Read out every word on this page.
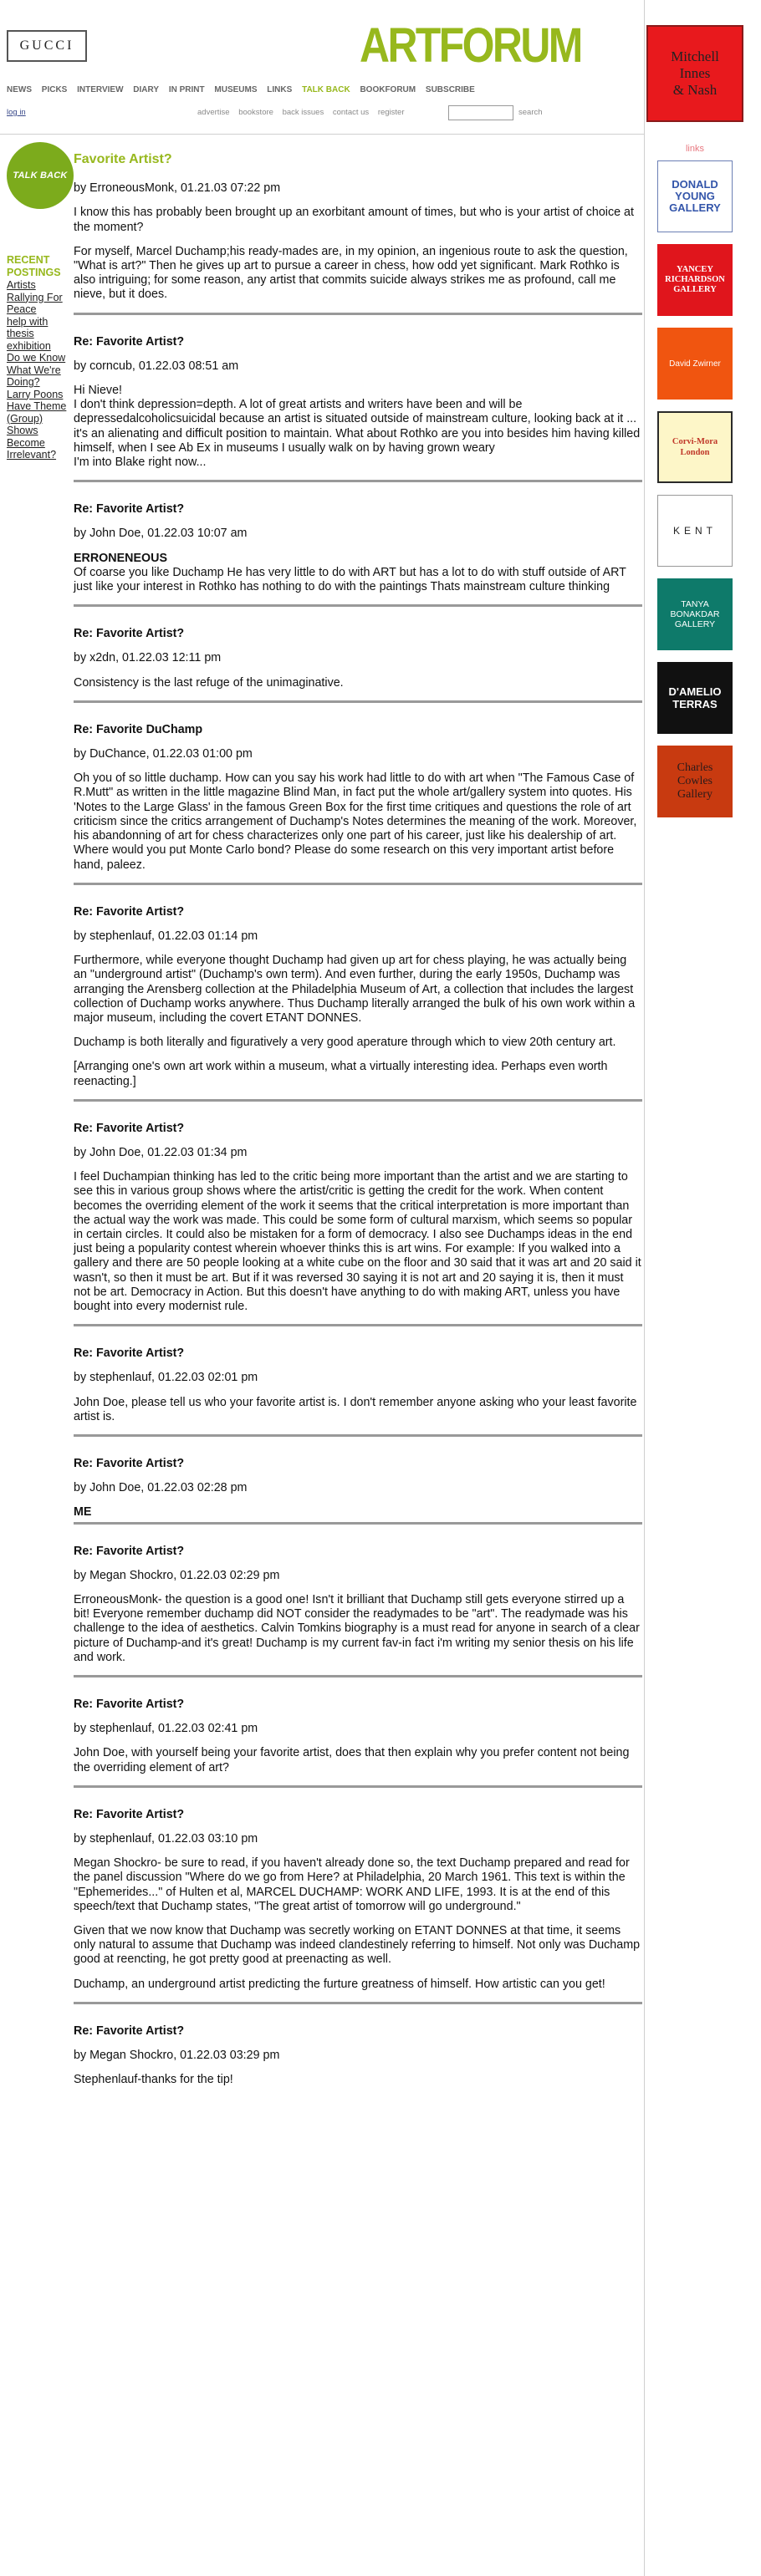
GUCCI	ARTFORUM
NEWS PICKS INTERVIEW DIARY IN PRINT MUSEUMS LINKS TALK BACK BOOKFORUM SUBSCRIBE
log in	advertise bookstore back issues contact us register	search
TALK BACK
RECENT POSTINGS
Artists Rallying For Peace
help with thesis exhibition
Do we Know What We're Doing?
Larry Poons Have Theme (Group) Shows Become Irrelevant?
Favorite Artist?
by ErroneousMonk, 01.21.03 07:22 pm

I know this has probably been brought up an exorbitant amount of times, but who is your artist of choice at the moment?

For myself, Marcel Duchamp;his ready-mades are, in my opinion, an ingenious route to ask the question, "What is art?" Then he gives up art to pursue a career in chess, how odd yet significant. Mark Rothko is also intriguing; for some reason, any artist that commits suicide always strikes me as profound, call me nieve, but it does.

Re: Favorite Artist?
by corncub, 01.22.03 08:51 am

Hi Nieve!

I don't think depression=depth. A lot of great artists and writers have been and will be depressedalcoholicsuicidal because an artist is situated outside of mainstream culture, looking back at it ... it's an alienating and difficult position to maintain. What about Rothko are you into besides him having killed himself, when I see Ab Ex in museums I usually walk on by having grown weary

I'm into Blake right now...

Re: Favorite Artist?
by John Doe, 01.22.03 10:07 am

ERRONENEOUS

Of coarse you like Duchamp He has very little to do with ART but has a lot to do with stuff outside of ART just like your interest in Rothko has nothing to do with the paintings Thats mainstream culture thinking

Re: Favorite Artist?
by x2dn, 01.22.03 12:11 pm

Consistency is the last refuge of the unimaginative.

Re: Favorite DuChamp
by DuChance, 01.22.03 01:00 pm

Oh you of so little duchamp. How can you say his work had little to do with art when "The Famous Case of R.Mutt" as written in the little magazine Blind Man, in fact put the whole art/gallery system into quotes. His 'Notes to the Large Glass' in the famous Green Box for the first time critiques and questions the role of art criticism since the critics arrangement of Duchamp's Notes determines the meaning of the work. Moreover, his abandonning of art for chess characterizes only one part of his career, just like his dealership of art. Where would you put Monte Carlo bond? Please do some research on this very important artist before hand, paleez.

Re: Favorite Artist?
by stephenlauf, 01.22.03 01:14 pm

Furthermore, while everyone thought Duchamp had given up art for chess playing, he was actually being an "underground artist" (Duchamp's own term). And even further, during the early 1950s, Duchamp was arranging the Arensberg collection at the Philadelphia Museum of Art, a collection that includes the largest collection of Duchamp works anywhere. Thus Duchamp literally arranged the bulk of his own work within a major museum, including the covert ETANT DONNES.

Duchamp is both literally and figuratively a very good aperature through which to view 20th century art.

[Arranging one's own art work within a museum, what a virtually interesting idea. Perhaps even worth reenacting.]

Re: Favorite Artist?
by John Doe, 01.22.03 01:34 pm

I feel Duchampian thinking has led to the critic being more important than the artist and we are starting to see this in various group shows where the artist/critic is getting the credit for the work. When content becomes the overriding element of the work it seems that the critical interpretation is more important than the actual way the work was made. This could be some form of cultural marxism, which seems so popular in certain circles. It could also be mistaken for a form of democracy. I also see Duchamps ideas in the end just being a popularity contest wherein whoever thinks this is art wins. For example: If you walked into a gallery and there are 50 people looking at a white cube on the floor and 30 said that it was art and 20 said it wasn't, so then it must be art. But if it was reversed 30 saying it is not art and 20 saying it is, then it must not be art. Democracy in Action. But this doesn't have anything to do with making ART, unless you have bought into every modernist rule.

Re: Favorite Artist?
by stephenlauf, 01.22.03 02:01 pm

John Doe, please tell us who your favorite artist is. I don't remember anyone asking who your least favorite artist is.

Re: Favorite Artist?
by John Doe, 01.22.03 02:28 pm

ME

Re: Favorite Artist?
by Megan Shockro, 01.22.03 02:29 pm

ErroneousMonk- the question is a good one! Isn't it brilliant that Duchamp still gets everyone stirred up a bit! Everyone remember duchamp did NOT consider the readymades to be "art". The readymade was his challenge to the idea of aesthetics. Calvin Tomkins biography is a must read for anyone in search of a clear picture of Duchamp-and it's great! Duchamp is my current fav-in fact i'm writing my senior thesis on his life and work.

Re: Favorite Artist?
by stephenlauf, 01.22.03 02:41 pm

John Doe, with yourself being your favorite artist, does that then explain why you prefer content not being the overriding element of art?

Re: Favorite Artist?
by stephenlauf, 01.22.03 03:10 pm

Megan Shockro- be sure to read, if you haven't already done so, the text Duchamp prepared and read for the panel discussion "Where do we go from Here? at Philadelphia, 20 March 1961. This text is within the "Ephemerides..." of Hulten et al, MARCEL DUCHAMP: WORK AND LIFE, 1993. It is at the end of this speech/text that Duchamp states, "The great artist of tomorrow will go underground."

Given that we now know that Duchamp was secretly working on ETANT DONNES at that time, it seems only natural to assume that Duchamp was indeed clandestinely referring to himself. Not only was Duchamp good at reencting, he got pretty good at preenacting as well.

Duchamp, an underground artist predicting the furture greatness of himself. How artistic can you get!

Re: Favorite Artist?
by Megan Shockro, 01.22.03 03:29 pm

Stephenlauf-thanks for the tip!

Mitchell
Innes
& Nash
links
DONALD
YOUNG
GALLERY
YANCEY
RICHARDSON
GALLERY
David Zwirner
Corvi-Mora
London
KENT
TANYA
BONAKDAR
GALLERY
D'AMELIO
TERRAS
Charles
Cowles
Gallery
